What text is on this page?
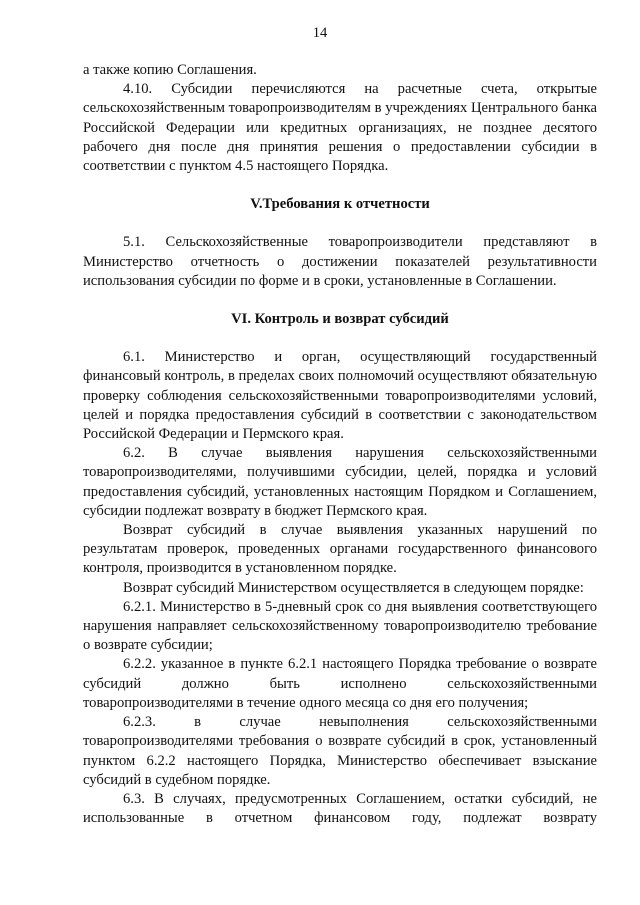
14

а также копию Соглашения.

4.10. Субсидии перечисляются на расчетные счета, открытые сельскохозяйственным товаропроизводителям в учреждениях Центрального банка Российской Федерации или кредитных организациях, не позднее десятого рабочего дня после дня принятия решения о предоставлении субсидии в соответствии с пунктом 4.5 настоящего Порядка.

V.Требования к отчетности

5.1. Сельскохозяйственные товаропроизводители представляют в Министерство отчетность о достижении показателей результативности использования субсидии по форме и в сроки, установленные в Соглашении.

VI. Контроль и возврат субсидий

6.1. Министерство и орган, осуществляющий государственный финансовый контроль, в пределах своих полномочий осуществляют обязательную проверку соблюдения сельскохозяйственными товаропроизводителями условий, целей и порядка предоставления субсидий в соответствии с законодательством Российской Федерации и Пермского края.

6.2. В случае выявления нарушения сельскохозяйственными товаропроизводителями, получившими субсидии, целей, порядка и условий предоставления субсидий, установленных настоящим Порядком и Соглашением, субсидии подлежат возврату в бюджет Пермского края.

Возврат субсидий в случае выявления указанных нарушений по результатам проверок, проведенных органами государственного финансового контроля, производится в установленном порядке.

Возврат субсидий Министерством осуществляется в следующем порядке:

6.2.1. Министерство в 5-дневный срок со дня выявления соответствующего нарушения направляет сельскохозяйственному товаропроизводителю требование о возврате субсидии;

6.2.2. указанное в пункте 6.2.1 настоящего Порядка требование о возврате субсидий должно быть исполнено сельскохозяйственными товаропроизводителями в течение одного месяца со дня его получения;

6.2.3. в случае невыполнения сельскохозяйственными товаропроизводителями требования о возврате субсидий в срок, установленный пунктом 6.2.2 настоящего Порядка, Министерство обеспечивает взыскание субсидий в судебном порядке.

6.3. В случаях, предусмотренных Соглашением, остатки субсидий, не использованные в отчетном финансовом году, подлежат возврату
